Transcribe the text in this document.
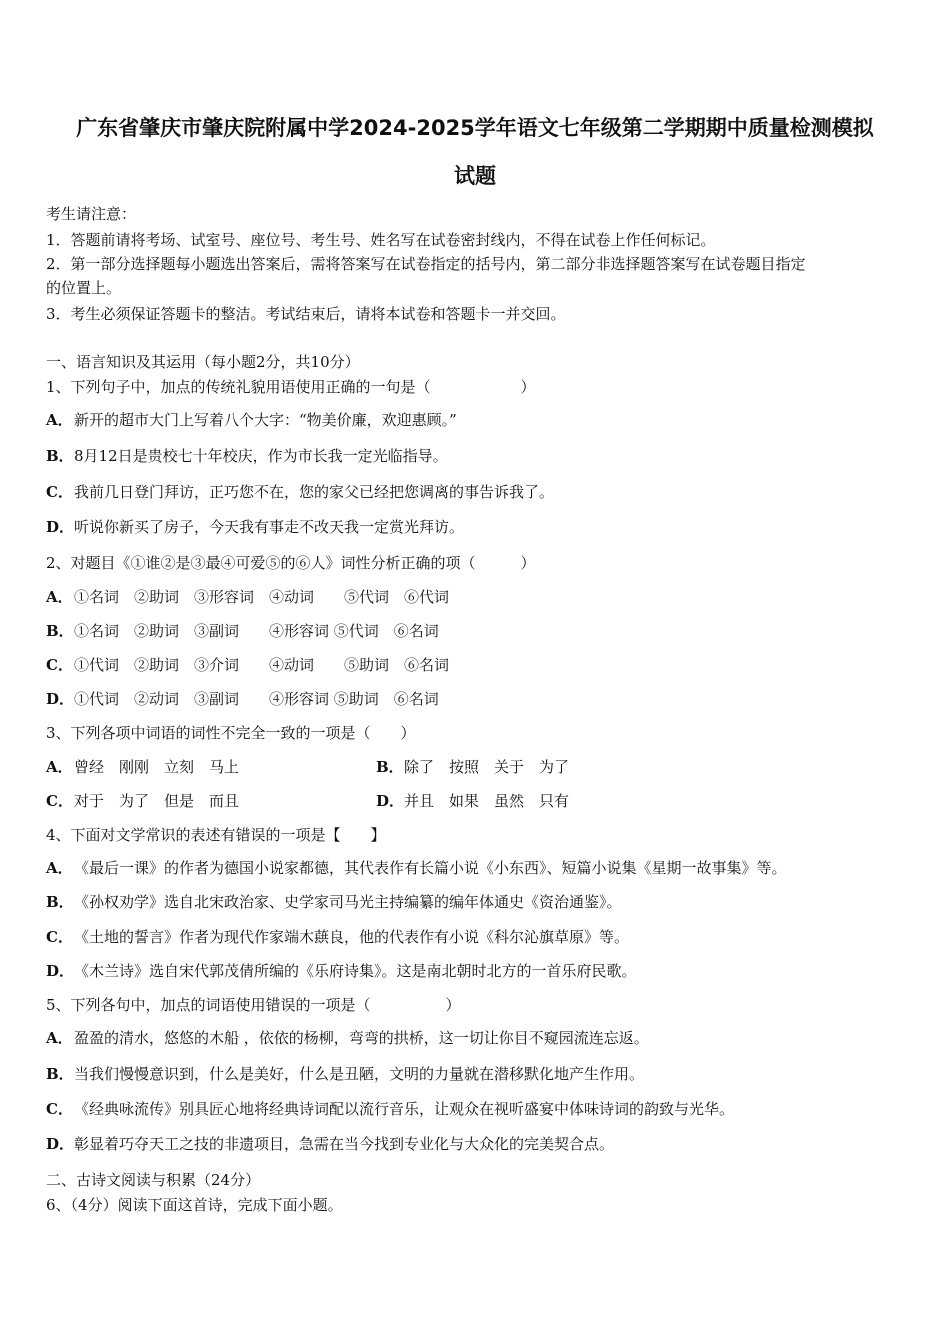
广东省肇庆市肇庆院附属中学2024-2025学年语文七年级第二学期期中质量检测模拟
试题
考生请注意：
1．答题前请将考场、试室号、座位号、考生号、姓名写在试卷密封线内，不得在试卷上作任何标记。
2．第一部分选择题每小题选出答案后，需将答案写在试卷指定的括号内，第二部分非选择题答案写在试卷题目指定
的位置上。
3．考生必须保证答题卡的整洁。考试结束后，请将本试卷和答题卡一并交回。
一、语言知识及其运用（每小题2分，共10分）
1、下列句子中，加点的传统礼貌用语使用正确的一句是（　　　　　　）
A．新开的超市大门上写着八个大字：“物美价廉，欢迎惠顾。”
B．8月12日是贵校七十年校庆，作为市长我一定光临指导。
C．我前几日登门拜访，正巧您不在，您的家父已经把您调离的事告诉我了。
D．听说你新买了房子，今天我有事走不改天我一定赏光拜访。
2、对题目《①谁②是③最④可爱⑤的⑥人》词性分析正确的项（　　　）
A．①名词　②助词　③形容词　④动词　　⑤代词　⑥代词
B．①名词　②助词　③副词　　④形容词 ⑤代词　⑥名词
C．①代词　②助词　③介词　　④动词　　⑤助词　⑥名词
D．①代词　②动词　③副词　　④形容词 ⑤助词　⑥名词
3、下列各项中词语的词性不完全一致的一项是（　　）
A．曾经　刚刚　立刻　马上	B．除了　按照　关于　为了
C．对于　为了　但是　而且	D．并且　如果　虽然　只有
4、下面对文学常识的表述有错误的一项是【　　】
A．《最后一课》的作者为德国小说家都德，其代表作有长篇小说《小东西》、短篇小说集《星期一故事集》等。
B．《孙权劝学》选自北宋政治家、史学家司马光主持编纂的编年体通史《资治通鉴》。
C．《土地的誓言》作者为现代作家端木蕻良，他的代表作有小说《科尔沁旗草原》等。
D．《木兰诗》选自宋代郭茂倩所编的《乐府诗集》。这是南北朝时北方的一首乐府民歌。
5、下列各句中，加点的词语使用错误的一项是（　　　　　）
A．盈盈的清水，悠悠的木船 ，依依的杨柳，弯弯的拱桥，这一切让你目不窥园流连忘返。
B．当我们慢慢意识到，什么是美好，什么是丑陋，文明的力量就在潜移默化地产生作用。
C．《经典咏流传》别具匠心地将经典诗词配以流行音乐，让观众在视听盛宴中体味诗词的韵致与光华。
D．彰显着巧夺天工之技的非遗项目，急需在当今找到专业化与大众化的完美契合点。
二、古诗文阅读与积累（24分）
6、（4分）阅读下面这首诗，完成下面小题。
